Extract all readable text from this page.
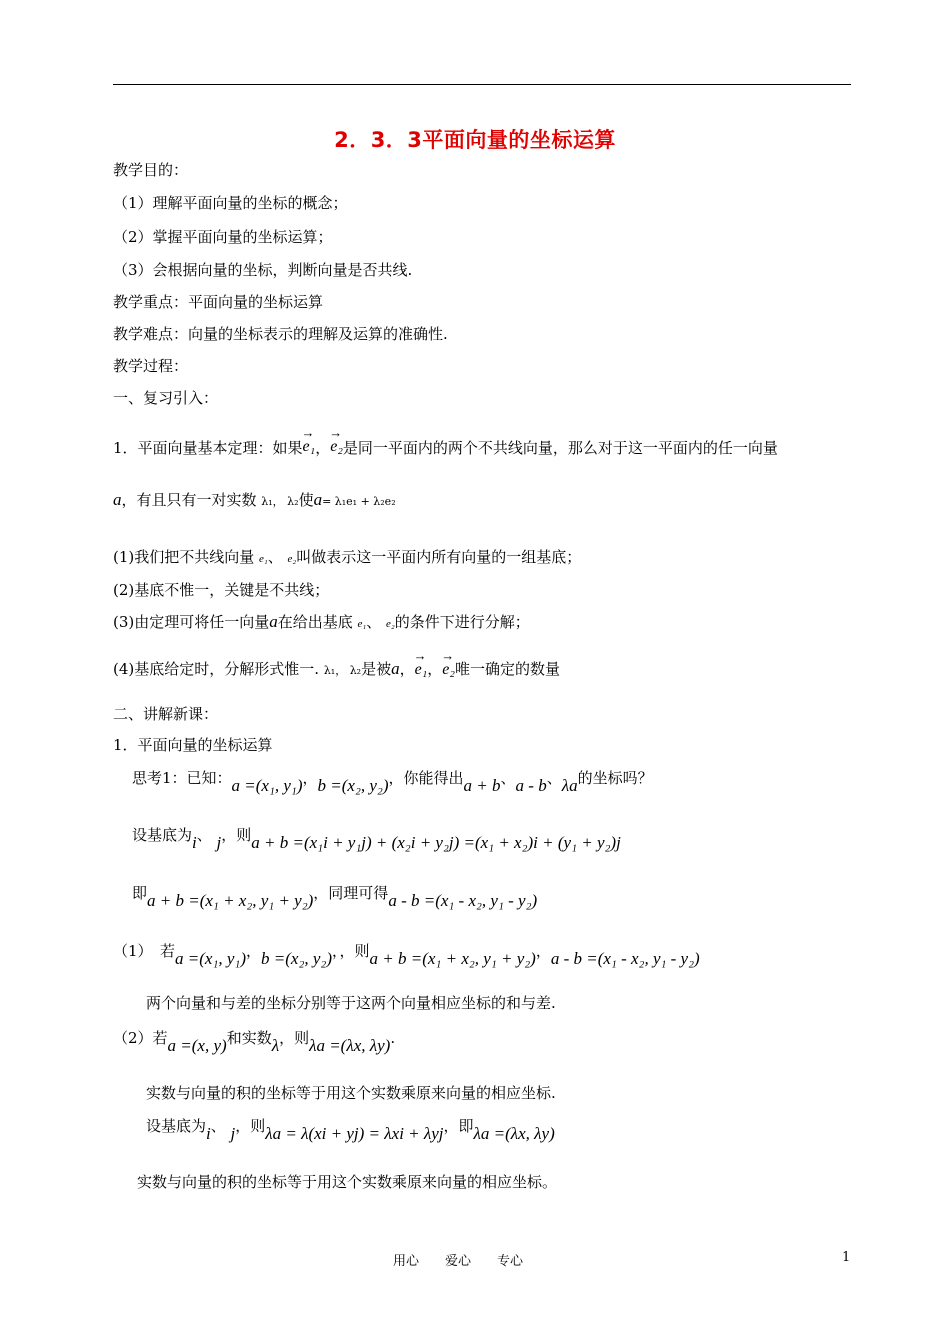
2．3．3平面向量的坐标运算
教学目的：
（1）理解平面向量的坐标的概念；
（2）掌握平面向量的坐标运算；
（3）会根据向量的坐标，判断向量是否共线.
教学重点：平面向量的坐标运算
教学难点：向量的坐标表示的理解及运算的准确性.
教学过程：
一、复习引入：
1．平面向量基本定理：如果
→
e₁，
→
e₂是同一平面内的两个不共线向量，那么对于这一平面内的任一向量
a，有且只有一对实数 λ₁， λ₂使a= λ₁e₁ + λ₂e₂
(1)我们把不共线向量 e₁、 e₂叫做表示这一平面内所有向量的一组基底；
(2)基底不惟一，关键是不共线；
(3)由定理可将任一向量a在给出基底 e₁、 e₂的条件下进行分解；
(4)基底给定时，分解形式惟一. λ₁， λ₂是被a，
→
e₁，
→
e₂唯一确定的数量
二、讲解新课：
1．平面向量的坐标运算
思考1：已知：a =(x₁, y₁)，b =(x₂, y₂)，你能得出a + b、a - b、λa的坐标吗？
设基底为i、 j，则a + b =(x₁i + y₁j) + (x₂i + y₂j) =(x₁ + x₂)i + (y₁ + y₂)j
即a + b =(x₁ + x₂, y₁ + y₂)，同理可得a - b =(x₁ - x₂, y₁ - y₂)
（1）　若a =(x₁, y₁)，b =(x₂, y₂)，，则a + b =(x₁ + x₂, y₁ + y₂)，a - b =(x₁ - x₂, y₁ - y₂)
两个向量和与差的坐标分别等于这两个向量相应坐标的和与差.
（2）若a =(x, y)和实数λ，则λa =(λx, λy).
实数与向量的积的坐标等于用这个实数乘原来向量的相应坐标.
设基底为i、 j，则λa = λ(xi + yj) = λxi + λyj，即λa =(λx, λy)
实数与向量的积的坐标等于用这个实数乘原来向量的相应坐标。
用心　　爱心　　专心	1
